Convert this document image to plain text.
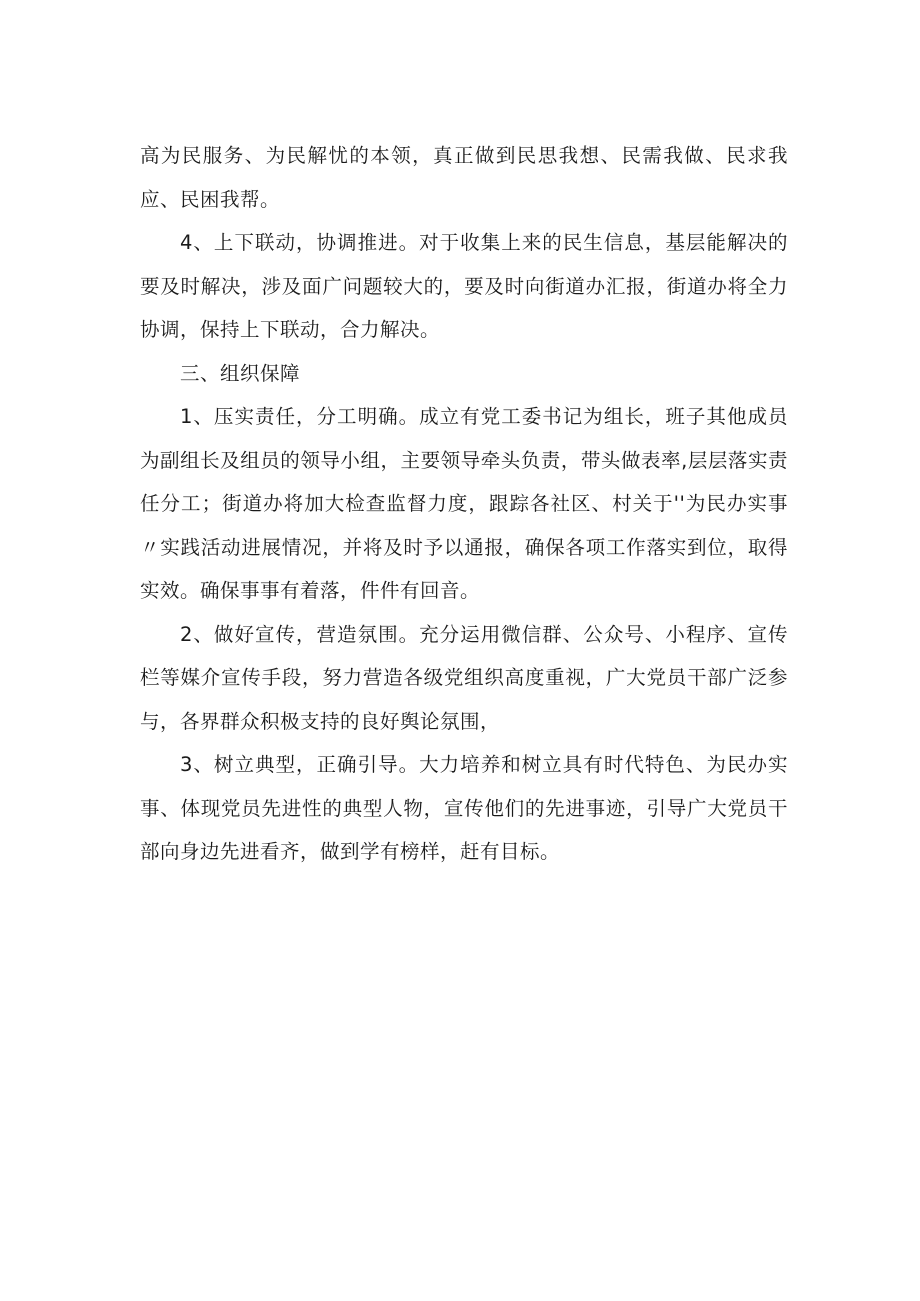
高为民服务、为民解忧的本领，真正做到民思我想、民需我做、民求我应、民困我帮。

4、上下联动，协调推进。对于收集上来的民生信息，基层能解决的要及时解决，涉及面广问题较大的，要及时向街道办汇报，街道办将全力协调，保持上下联动，合力解决。

三、组织保障

1、压实责任，分工明确。成立有党工委书记为组长，班子其他成员为副组长及组员的领导小组，主要领导牵头负责，带头做表率,层层落实责任分工；街道办将加大检查监督力度，跟踪各社区、村关于''为民办实事〃实践活动进展情况，并将及时予以通报，确保各项工作落实到位，取得实效。确保事事有着落，件件有回音。

2、做好宣传，营造氛围。充分运用微信群、公众号、小程序、宣传栏等媒介宣传手段，努力营造各级党组织高度重视，广大党员干部广泛参与，各界群众积极支持的良好舆论氛围，

3、树立典型，正确引导。大力培养和树立具有时代特色、为民办实事、体现党员先进性的典型人物，宣传他们的先进事迹，引导广大党员干部向身边先进看齐，做到学有榜样，赶有目标。
